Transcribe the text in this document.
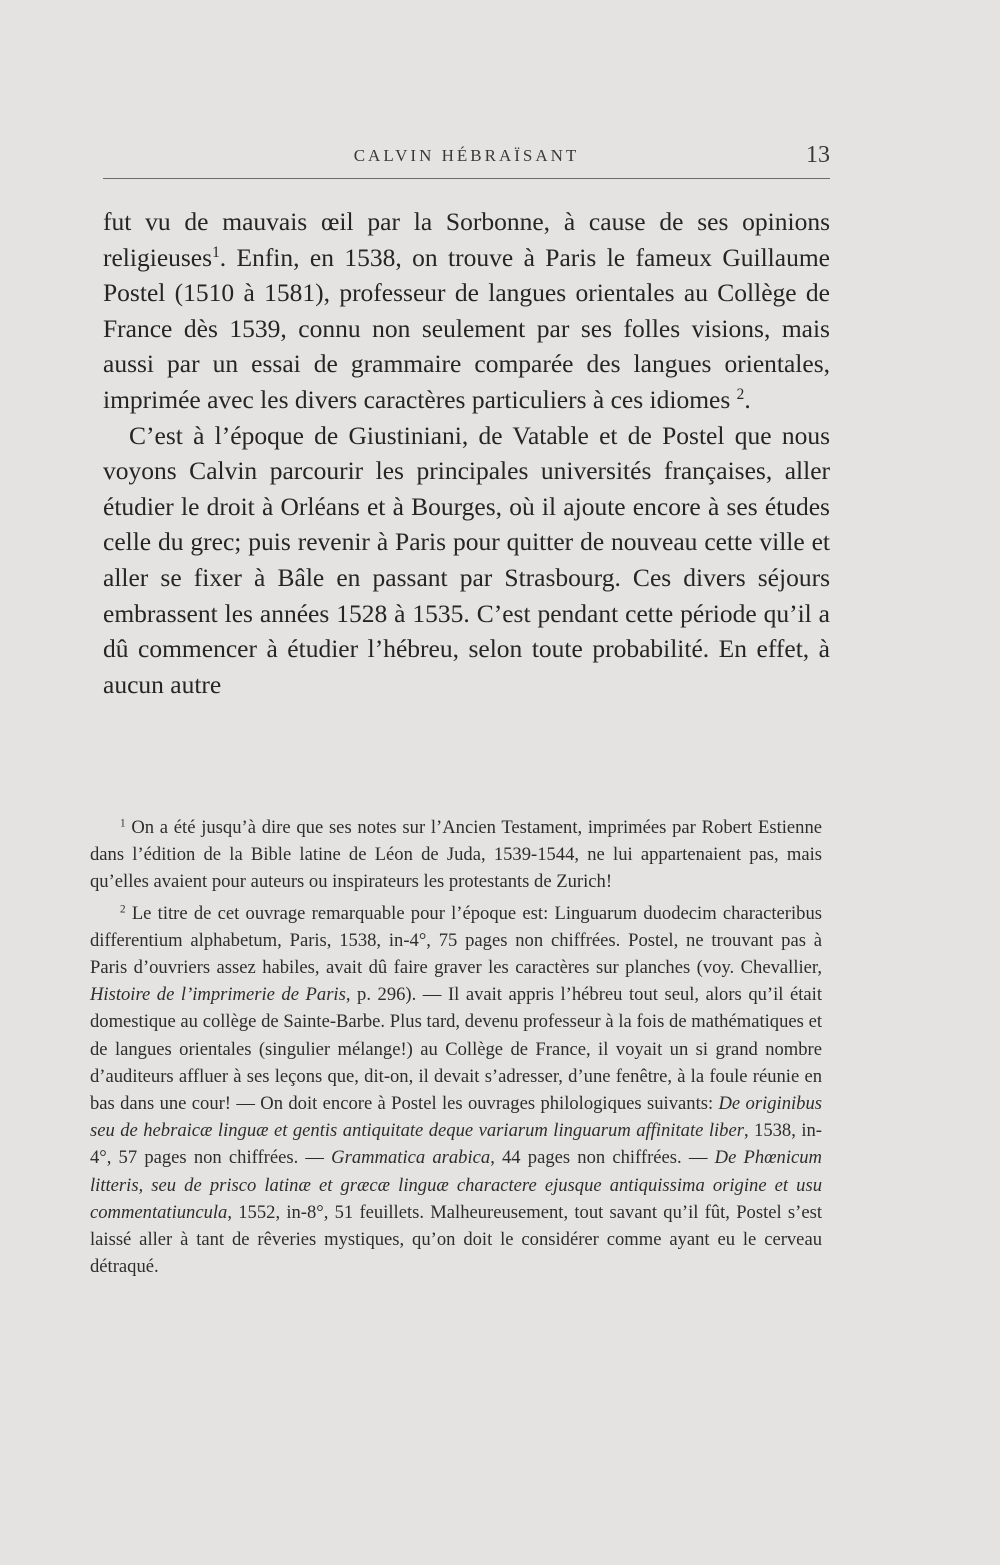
CALVIN HÉBRAÏSANT	13

fut vu de mauvais œil par la Sorbonne, à cause de ses opinions religieuses$^1$. Enfin, en 1538, on trouve à Paris le fameux Guillaume Postel (1510 à 1581), professeur de langues orientales au Collège de France dès 1539, connu non seulement par ses folles visions, mais aussi par un essai de grammaire comparée des langues orientales, imprimée avec les divers caractères particuliers à ces idiomes $^2$.

C’est à l’époque de Giustiniani, de Vatable et de Postel que nous voyons Calvin parcourir les principales universités françaises, aller étudier le droit à Orléans et à Bourges, où il ajoute encore à ses études celle du grec; puis revenir à Paris pour quitter de nouveau cette ville et aller se fixer à Bâle en passant par Strasbourg. Ces divers séjours embrassent les années 1528 à 1535. C’est pendant cette période qu’il a dû commencer à étudier l’hébreu, selon toute probabilité. En effet, à aucun autre

$^1$ On a été jusqu’à dire que ses notes sur l’Ancien Testament, imprimées par Robert Estienne dans l’édition de la Bible latine de Léon de Juda, 1539-1544, ne lui appartenaient pas, mais qu’elles avaient pour auteurs ou inspirateurs les protestants de Zurich!

$^2$ Le titre de cet ouvrage remarquable pour l’époque est: Linguarum duodecim characteribus differentium alphabetum, Paris, 1538, in-4°, 75 pages non chiffrées. Postel, ne trouvant pas à Paris d’ouvriers assez habiles, avait dû faire graver les caractères sur planches (voy. Chevallier, Histoire de l’imprimerie de Paris, p. 296). — Il avait appris l’hébreu tout seul, alors qu’il était domestique au collège de Sainte-Barbe. Plus tard, devenu professeur à la fois de mathématiques et de langues orientales (singulier mélange!) au Collège de France, il voyait un si grand nombre d’auditeurs affluer à ses leçons que, dit-on, il devait s’adresser, d’une fenêtre, à la foule réunie en bas dans une cour! — On doit encore à Postel les ouvrages philologiques suivants: De originibus seu de hebraicæ linguæ et gentis antiquitate deque variarum linguarum affinitate liber, 1538, in-4°, 57 pages non chiffrées. — Grammatica arabica, 44 pages non chiffrées. — De Phœnicum litteris, seu de prisco latinæ et græcæ linguæ charactere ejusque antiquissima origine et usu commentatiuncula, 1552, in-8°, 51 feuillets. Malheureusement, tout savant qu’il fût, Postel s’est laissé aller à tant de rêveries mystiques, qu’on doit le considérer comme ayant eu le cerveau détraqué.
